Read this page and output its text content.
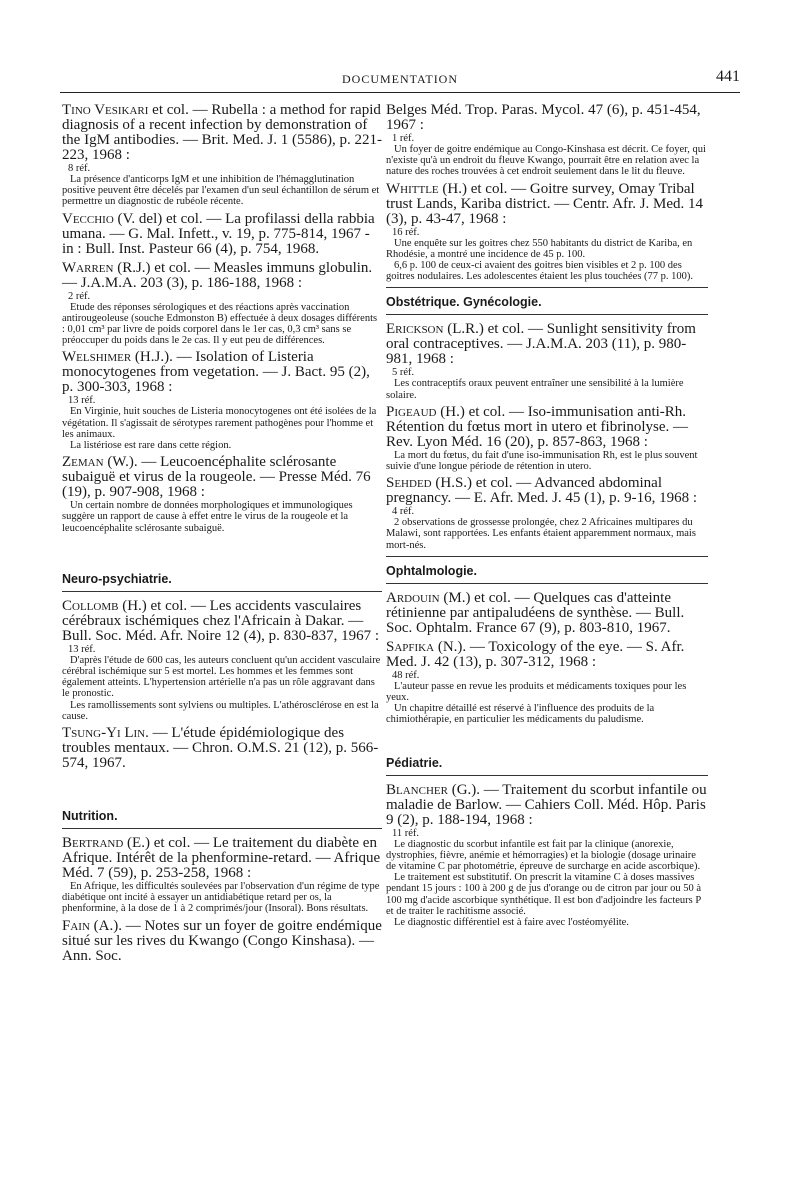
DOCUMENTATION	441

Tino Vesikari et col. — Rubella : a method for rapid diagnosis of a recent infection by demonstration of the IgM antibodies. — Brit. Med. J. 1 (5586), p. 221-223, 1968 :

8 réf.

La présence d'anticorps IgM et une inhibition de l'hémagglutination positive peuvent être décelés par l'examen d'un seul échantillon de sérum et permettre un diagnostic de rubéole récente.

Vecchio (V. del) et col. — La profilassi della rabbia umana. — G. Mal. Infett., v. 19, p. 775-814, 1967 - in : Bull. Inst. Pasteur 66 (4), p. 754, 1968.

Warren (R.J.) et col. — Measles immuns globulin. — J.A.M.A. 203 (3), p. 186-188, 1968 :

2 réf.

Etude des réponses sérologiques et des réactions après vaccination antirougeoleuse (souche Edmonston B) effectuée à deux dosages différents : 0,01 cm³ par livre de poids corporel dans le 1er cas, 0,3 cm³ sans se préoccuper du poids dans le 2e cas. Il y eut peu de différences.

Welshimer (H.J.). — Isolation of Listeria monocytogenes from vegetation. — J. Bact. 95 (2), p. 300-303, 1968 :

13 réf.

En Virginie, huit souches de Listeria monocytogenes ont été isolées de la végétation. Il s'agissait de sérotypes rarement pathogènes pour l'homme et les animaux.

La listériose est rare dans cette région.

Zeman (W.). — Leucoencéphalite sclérosante subaiguë et virus de la rougeole. — Presse Méd. 76 (19), p. 907-908, 1968 :

Un certain nombre de données morphologiques et immunologiques suggère un rapport de cause à effet entre le virus de la rougeole et la leucoencéphalite sclérosante subaiguë.

Neuro-psychiatrie.

Collomb (H.) et col. — Les accidents vasculaires cérébraux ischémiques chez l'Africain à Dakar. — Bull. Soc. Méd. Afr. Noire 12 (4), p. 830-837, 1967 :

13 réf.

D'après l'étude de 600 cas, les auteurs concluent qu'un accident vasculaire cérébral ischémique sur 5 est mortel. Les hommes et les femmes sont également atteints. L'hypertension artérielle n'a pas un rôle aggravant dans le pronostic.

Les ramollissements sont sylviens ou multiples. L'athérosclérose en est la cause.

Tsung-Yi Lin. — L'étude épidémiologique des troubles mentaux. — Chron. O.M.S. 21 (12), p. 566-574, 1967.

Nutrition.

Bertrand (E.) et col. — Le traitement du diabète en Afrique. Intérêt de la phenformine-retard. — Afrique Méd. 7 (59), p. 253-258, 1968 :

En Afrique, les difficultés soulevées par l'observation d'un régime de type diabétique ont incité à essayer un antidiabétique retard per os, la phenformine, à la dose de 1 à 2 comprimés/jour (Insoral). Bons résultats.

Fain (A.). — Notes sur un foyer de goitre endémique situé sur les rives du Kwango (Congo Kinshasa). — Ann. Soc.

Belges Méd. Trop. Paras. Mycol. 47 (6), p. 451-454, 1967 :

1 réf.

Un foyer de goitre endémique au Congo-Kinshasa est décrit. Ce foyer, qui n'existe qu'à un endroit du fleuve Kwango, pourrait être en relation avec la nature des roches trouvées à cet endroit seulement dans le lit du fleuve.

Whittle (H.) et col. — Goitre survey, Omay Tribal trust Lands, Kariba district. — Centr. Afr. J. Med. 14 (3), p. 43-47, 1968 :

16 réf.

Une enquête sur les goitres chez 550 habitants du district de Kariba, en Rhodésie, a montré une incidence de 45 p. 100.

6,6 p. 100 de ceux-ci avaient des goitres bien visibles et 2 p. 100 des goitres nodulaires. Les adolescentes étaient les plus touchées (77 p. 100).

Obstétrique. Gynécologie.

Erickson (L.R.) et col. — Sunlight sensitivity from oral contraceptives. — J.A.M.A. 203 (11), p. 980-981, 1968 :

5 réf.

Les contraceptifs oraux peuvent entraîner une sensibilité à la lumière solaire.

Pigeaud (H.) et col. — Iso-immunisation anti-Rh. Rétention du fœtus mort in utero et fibrinolyse. — Rev. Lyon Méd. 16 (20), p. 857-863, 1968 :

La mort du fœtus, du fait d'une iso-immunisation Rh, est le plus souvent suivie d'une longue période de rétention in utero.

Sehded (H.S.) et col. — Advanced abdominal pregnancy. — E. Afr. Med. J. 45 (1), p. 9-16, 1968 :

4 réf.

2 observations de grossesse prolongée, chez 2 Africaines multipares du Malawi, sont rapportées. Les enfants étaient apparemment normaux, mais mort-nés.

Ophtalmologie.

Ardouin (M.) et col. — Quelques cas d'atteinte rétinienne par antipaludéens de synthèse. — Bull. Soc. Ophtalm. France 67 (9), p. 803-810, 1967.

Sapfika (N.). — Toxicology of the eye. — S. Afr. Med. J. 42 (13), p. 307-312, 1968 :

48 réf.

L'auteur passe en revue les produits et médicaments toxiques pour les yeux.

Un chapitre détaillé est réservé à l'influence des produits de la chimiothérapie, en particulier les médicaments du paludisme.

Pédiatrie.

Blancher (G.). — Traitement du scorbut infantile ou maladie de Barlow. — Cahiers Coll. Méd. Hôp. Paris 9 (2), p. 188-194, 1968 :

11 réf.

Le diagnostic du scorbut infantile est fait par la clinique (anorexie, dystrophies, fièvre, anémie et hémorragies) et la biologie (dosage urinaire de vitamine C par photométrie, épreuve de surcharge en acide ascorbique).

Le traitement est substitutif. On prescrit la vitamine C à doses massives pendant 15 jours : 100 à 200 g de jus d'orange ou de citron par jour ou 50 à 100 mg d'acide ascorbique synthétique. Il est bon d'adjoindre les facteurs P et de traiter le rachitisme associé.

Le diagnostic différentiel est à faire avec l'ostéomyélite.
